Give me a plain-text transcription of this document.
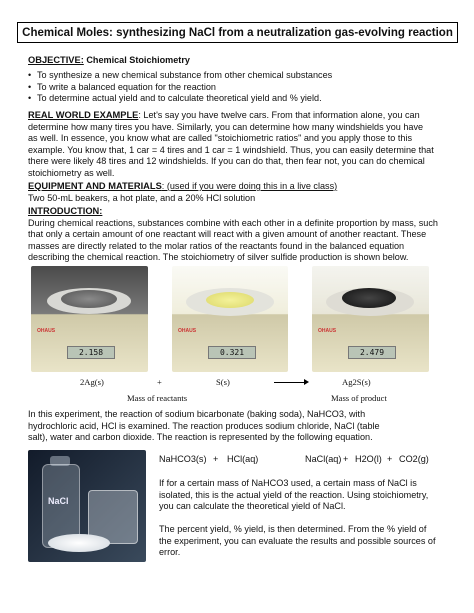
Chemical Moles: synthesizing NaCl from a neutralization gas-evolving reaction
OBJECTIVE: Chemical Stoichiometry
• To synthesize a new chemical substance from other chemical substances
• To write a balanced equation for the reaction
• To determine actual yield and to calculate theoretical yield and % yield.
REAL WORLD EXAMPLE: Let's say you have twelve cars. From that information alone, you can
determine how many tires you have. Similarly, you can determine how many windshields you have
as well. In essence, you know what are called "stoichiometric ratios" and you apply those to this
example. You know that, 1 car = 4 tires and 1 car = 1 windshield. Thus, you can easily determine that
there were likely 48 tires and 12 windshields. If you can do that, then fear not, you can do chemical
stoichiometry as well.
EQUIPMENT AND MATERIALS: (used if you were doing this in a live class)
Two 50-mL beakers, a hot plate, and a 20% HCl solution
INTRODUCTION:
During chemical reactions, substances combine with each other in a definite proportion by mass, such
that only a certain amount of one reactant will react with a given amount of another reactant. These
masses are directly related to the molar ratios of the reactants found in the balanced equation
describing the chemical reaction. The stoichiometry of silver sulfide production is shown below.
OHAUS
2.158
OHAUS
0.321
OHAUS
2.479
2Ag(s)	+	S(s)	Ag2S(s)
Mass of reactants	Mass of product
In this experiment, the reaction of sodium bicarbonate (baking soda), NaHCO3, with
hydrochloric acid, HCl is examined. The reaction produces sodium chloride, NaCl (table
salt), water and carbon dioxide. The reaction is represented by the following equation.
NaCl
NaHCO3(s) + HCl(aq)	NaCl(aq) + H2O(l) + CO2(g)
If for a certain mass of NaHCO3 used, a certain mass of NaCl is
isolated, this is the actual yield of the reaction. Using stoichiometry,
you can calculate the theoretical yield of NaCl.
The percent yield, % yield, is then determined. From the % yield of
the experiment, you can evaluate the results and possible sources of
error.
